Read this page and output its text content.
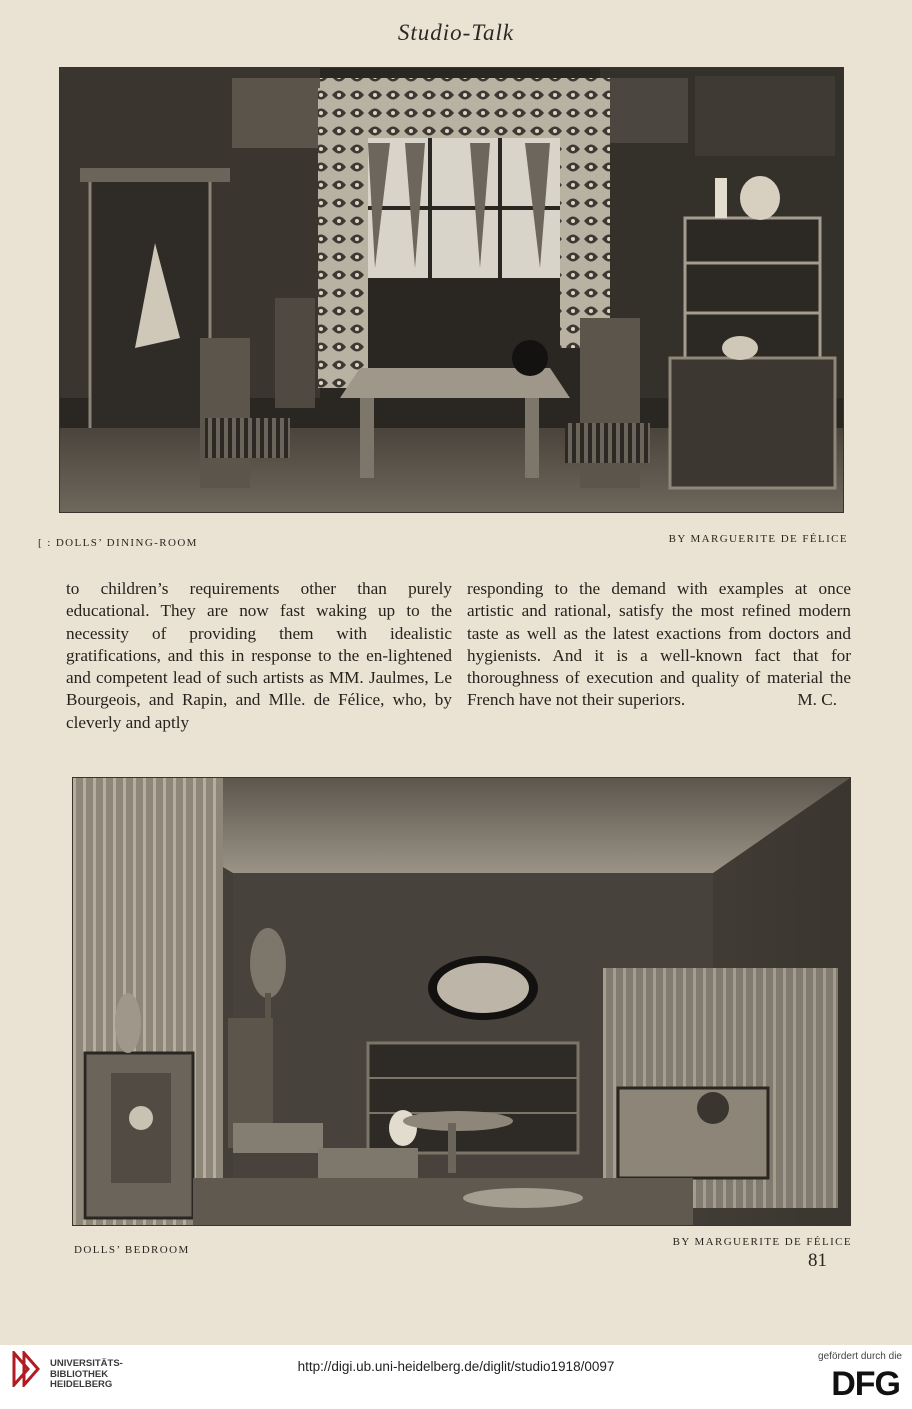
Studio-Talk
[ : DOLLS’ DINING-ROOM	BY MARGUERITE DE FÉLICE

to children’s requirements other than purely educational. They are now fast waking up to the necessity of providing them with idealistic gratifications, and this in response to the en-lightened and competent lead of such artists as MM. Jaulmes, Le Bourgeois, and Rapin, and Mlle. de Félice, who, by cleverly and aptly

responding to the demand with examples at once artistic and rational, satisfy the most refined modern taste as well as the latest exactions from doctors and hygienists. And it is a well-known fact that for thoroughness of execution and quality of material the French have not their superiors.	M. C.

DOLLS’ BEDROOM
BY MARGUERITE DE FÉLICE
81
UNIVERSITÄTS-
BIBLIOTHEK
HEIDELBERG
http://digi.ub.uni-heidelberg.de/diglit/studio1918/0097
gefördert durch die
DFG
